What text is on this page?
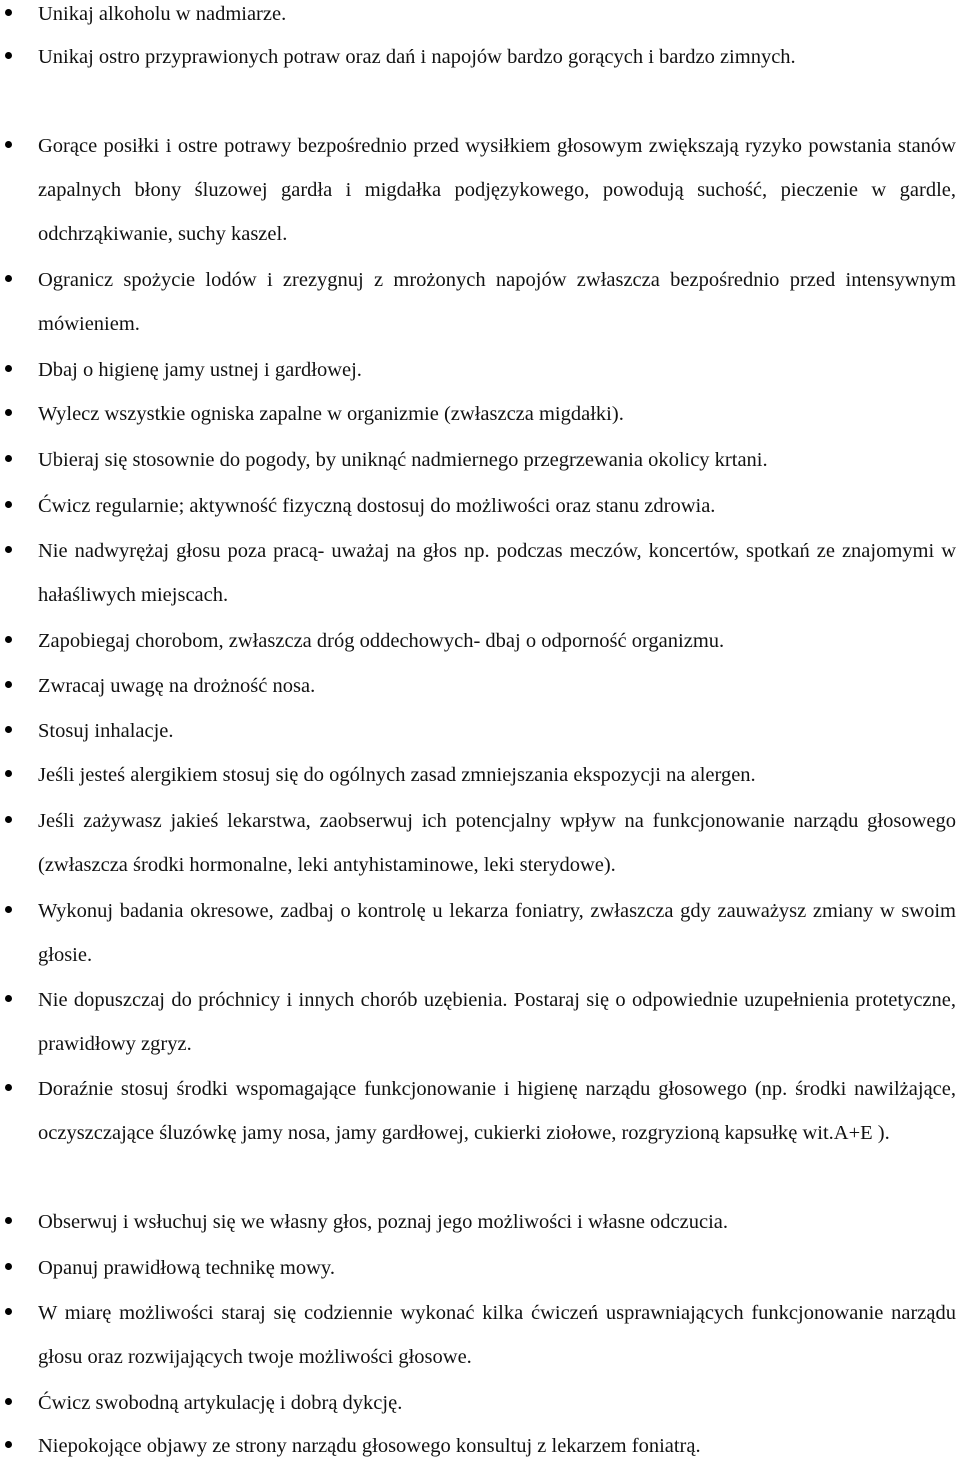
Unikaj alkoholu w nadmiarze.
Unikaj ostro przyprawionych potraw oraz dań i napojów bardzo gorących i bardzo zimnych.
Gorące posiłki i ostre potrawy bezpośrednio przed wysiłkiem głosowym zwiększają ryzyko powstania stanów zapalnych błony śluzowej gardła i migdałka podjęzykowego, powodują suchość, pieczenie w gardle, odchrząkiwanie, suchy kaszel.
Ogranicz spożycie lodów i zrezygnuj z mrożonych napojów zwłaszcza bezpośrednio przed intensywnym mówieniem.
Dbaj o higienę jamy ustnej i gardłowej.
Wylecz wszystkie ogniska zapalne w organizmie (zwłaszcza migdałki).
Ubieraj się stosownie do pogody, by uniknąć nadmiernego przegrzewania okolicy krtani.
Ćwicz regularnie; aktywność fizyczną dostosuj do możliwości oraz stanu zdrowia.
Nie nadwyrężaj głosu poza pracą- uważaj na głos np. podczas meczów, koncertów, spotkań ze znajomymi w hałaśliwych miejscach.
Zapobiegaj chorobom, zwłaszcza dróg oddechowych- dbaj o odporność organizmu.
Zwracaj uwagę na drożność nosa.
Stosuj inhalacje.
Jeśli jesteś alergikiem stosuj się do ogólnych zasad zmniejszania ekspozycji na alergen.
Jeśli zażywasz jakieś lekarstwa, zaobserwuj ich potencjalny wpływ na funkcjonowanie narządu głosowego (zwłaszcza środki hormonalne, leki antyhistaminowe, leki sterydowe).
Wykonuj badania okresowe, zadbaj o kontrolę u lekarza foniatry, zwłaszcza gdy zauważysz zmiany w swoim głosie.
Nie dopuszczaj do próchnicy i innych chorób uzębienia. Postaraj się o odpowiednie uzupełnienia protetyczne, prawidłowy zgryz.
Doraźnie stosuj środki wspomagające funkcjonowanie i higienę narządu głosowego (np. środki nawilżające, oczyszczające śluzówkę jamy nosa, jamy gardłowej, cukierki ziołowe, rozgryzioną kapsułkę wit.A+E ).
Obserwuj i wsłuchuj się we własny głos, poznaj jego możliwości i własne odczucia.
Opanuj prawidłową technikę mowy.
W miarę możliwości staraj się codziennie wykonać kilka ćwiczeń usprawniających funkcjonowanie narządu głosu oraz rozwijających twoje możliwości głosowe.
Ćwicz swobodną artykulację i dobrą dykcję.
Niepokojące objawy ze strony narządu głosowego konsultuj z lekarzem foniatrą.
